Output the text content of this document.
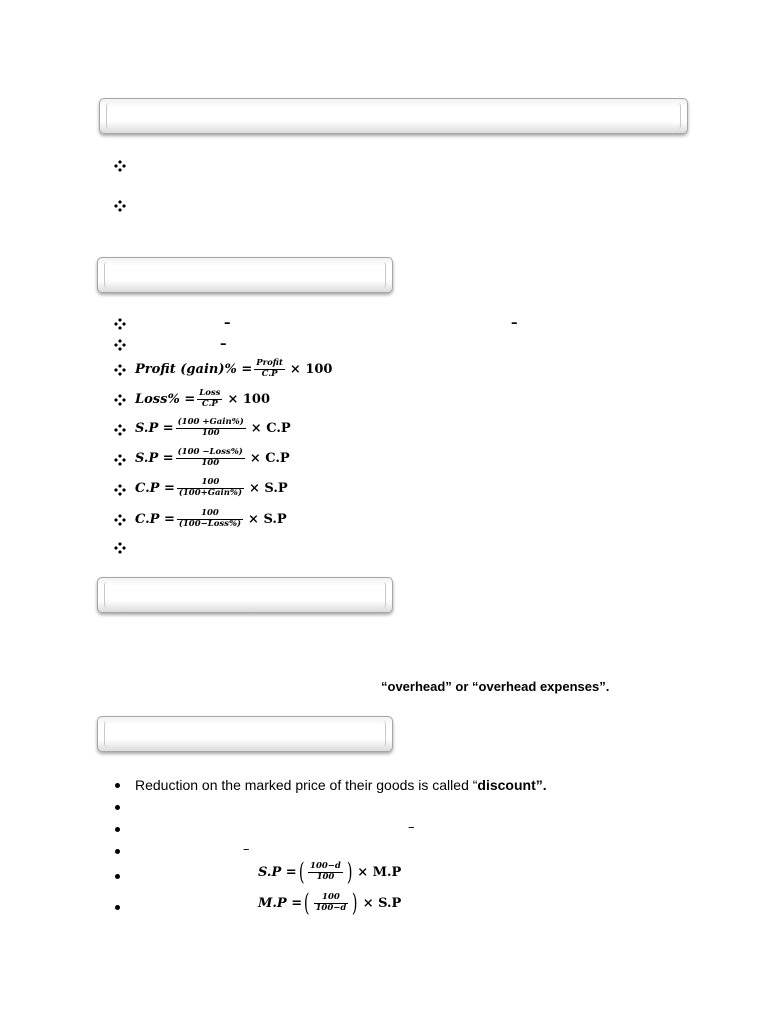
–	–
–
Profit (gain)% = $\frac{\text{Profit}}{C.P} \times 100$
Loss% = $\frac{\text{Loss}}{C.P} \times 100$
$S.P = \frac{\text{(100 +Gain\%)}}{100} \times C.P$
$S.P = \frac{\text{(100 −Loss\%)}}{100} \times C.P$
$C.P = \frac{100}{\text{(100+Gain\%)}} \times S.P$
$C.P = \frac{100}{\text{(100−Loss\%)}} \times S.P$
“overhead” or “overhead expenses”.
Reduction on the marked price of their goods is called “discount”.
–
–
S.P = ( $\frac{100-d}{100}$ ) × M.P
M.P = ( $\frac{100}{100-d}$ ) × S.P
